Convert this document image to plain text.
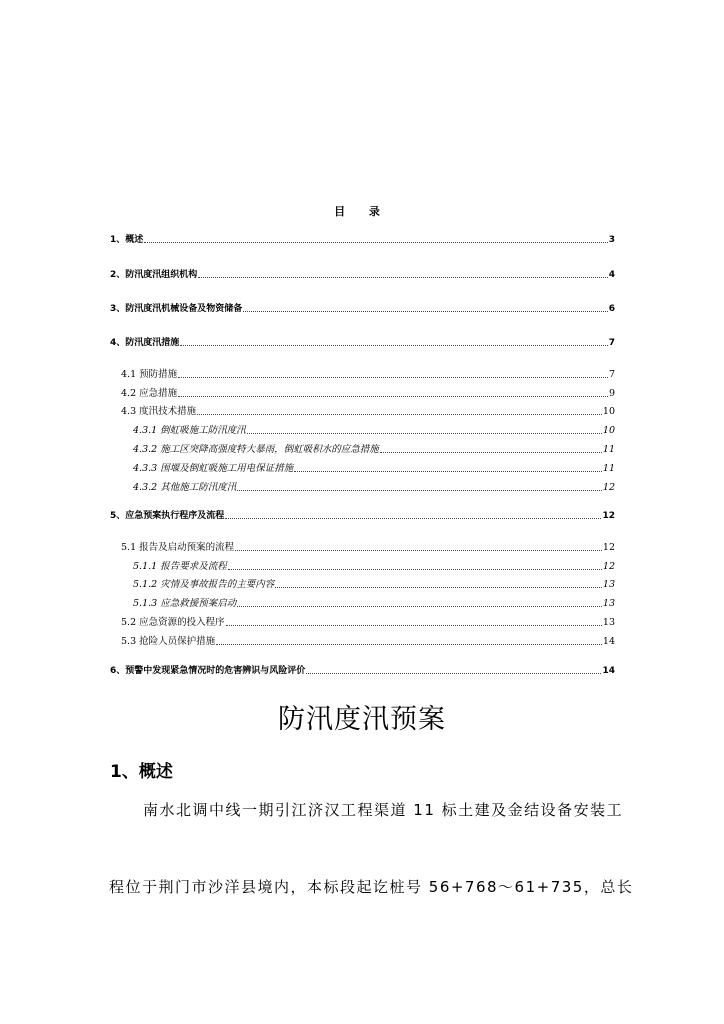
目 录
1、概述	3
2、防汛度汛组织机构	4
3、防汛度汛机械设备及物资储备	6
4、防汛度汛措施	7
4.1 预防措施	7
4.2 应急措施	9
4.3 度汛技术措施	10
4.3.1 倒虹吸施工防汛度汛	10
4.3.2 施工区突降高强度特大暴雨，倒虹吸积水的应急措施	11
4.3.3 围堰及倒虹吸施工用电保证措施	11
4.3.2 其他施工防汛度汛	12
5、应急预案执行程序及流程	12
5.1 报告及启动预案的流程	12
5.1.1 报告要求及流程	12
5.1.2 灾情及事故报告的主要内容	13
5.1.3 应急救援预案启动	13
5.2 应急资源的投入程序	13
5.3 抢险人员保护措施	14
6、预警中发现紧急情况时的危害辨识与风险评价	14
防汛度汛预案
1、概述
南水北调中线一期引江济汉工程渠道 11 标土建及金结设备安装工
程位于荆门市沙洋县境内，本标段起讫桩号 56+768～61+735，总长
